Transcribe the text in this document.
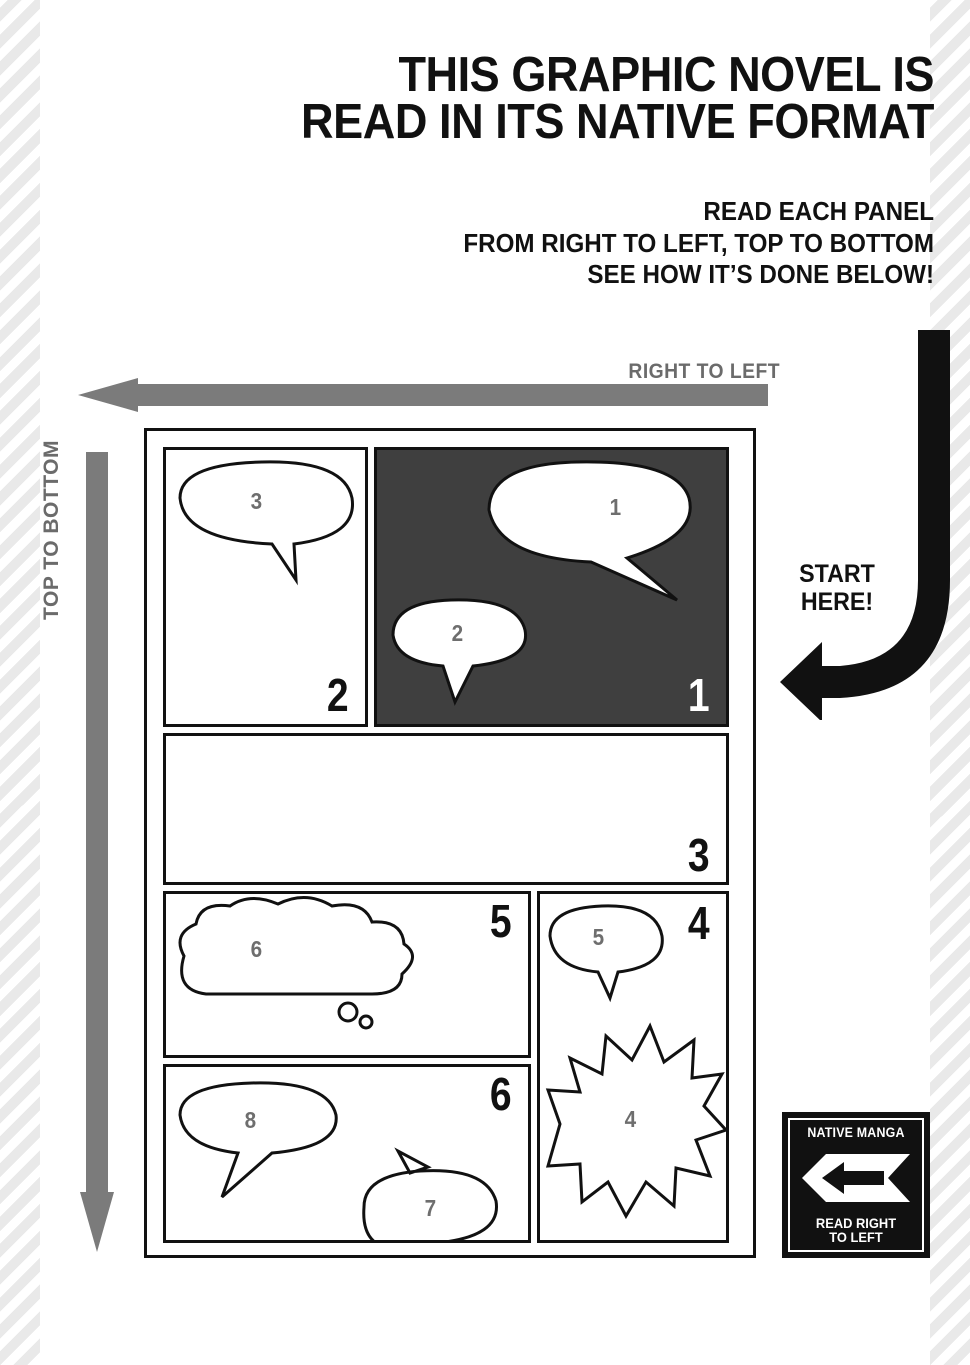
THIS GRAPHIC NOVEL IS
READ IN ITS NATIVE FORMAT
READ EACH PANEL
FROM RIGHT TO LEFT, TOP TO BOTTOM
SEE HOW IT’S DONE BELOW!
START
HERE!
RIGHT TO LEFT
TOP TO BOTTOM	1
2
1
3
2
3
5
4
4
6
5
8
7
6
NATIVE MANGA
READ RIGHT
TO LEFT
